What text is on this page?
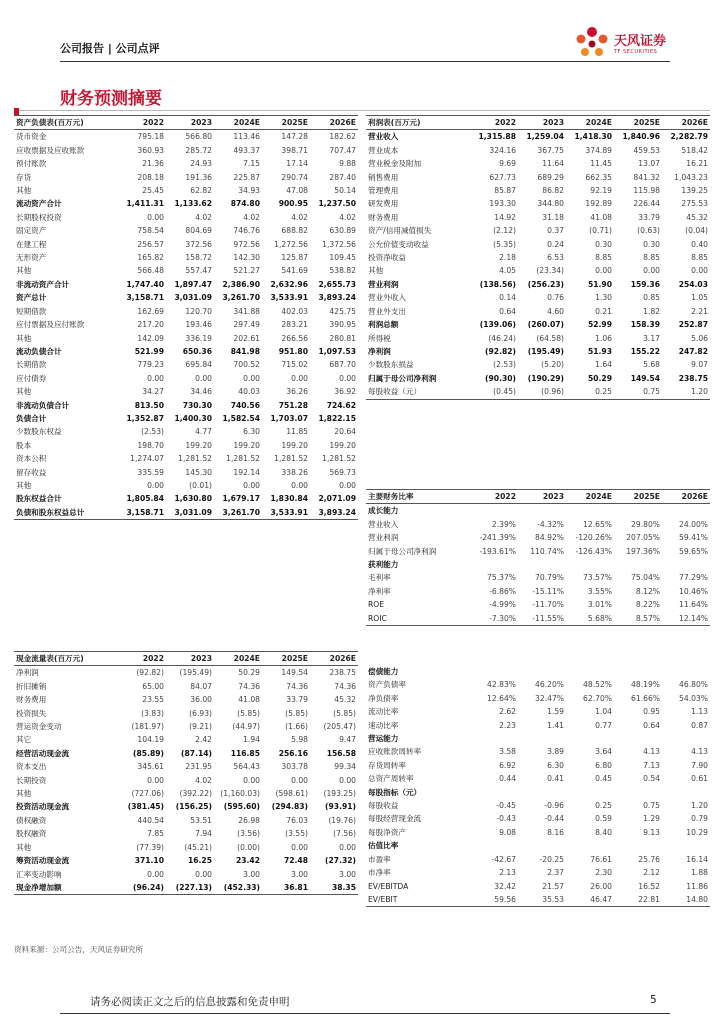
公司报告 | 公司点评	天风证券
TF SECURITIES
财务预测摘要
资产负债表(百万元)	2022	2023	2024E	2025E	2026E
货币资金	795.18	566.80	113.46	147.28	182.62
应收票据及应收账款	360.93	285.72	493.37	398.71	707.47
预付账款	21.36	24.93	7.15	17.14	9.88
存货	208.18	191.36	225.87	290.74	287.40
其他	25.45	62.82	34.93	47.08	50.14
流动资产合计	1,411.31	1,133.62	874.80	900.95	1,237.50
长期股权投资	0.00	4.02	4.02	4.02	4.02
固定资产	758.54	804.69	746.76	688.82	630.89
在建工程	256.57	372.56	972.56	1,272.56	1,372.56
无形资产	165.82	158.72	142.30	125.87	109.45
其他	566.48	557.47	521.27	541.69	538.82
非流动资产合计	1,747.40	1,897.47	2,386.90	2,632.96	2,655.73
资产总计	3,158.71	3,031.09	3,261.70	3,533.91	3,893.24
短期借款	162.69	120.70	341.88	402.03	425.75
应付票据及应付账款	217.20	193.46	297.49	283.21	390.95
其他	142.09	336.19	202.61	266.56	280.81
流动负债合计	521.99	650.36	841.98	951.80	1,097.53
长期借款	779.23	695.84	700.52	715.02	687.70
应付债券	0.00	0.00	0.00	0.00	0.00
其他	34.27	34.46	40.03	36.26	36.92
非流动负债合计	813.50	730.30	740.56	751.28	724.62
负债合计	1,352.87	1,400.30	1,582.54	1,703.07	1,822.15
少数股东权益	(2.53)	4.77	6.30	11.85	20.64
股本	198.70	199.20	199.20	199.20	199.20
资本公积	1,274.07	1,281.52	1,281.52	1,281.52	1,281.52
留存收益	335.59	145.30	192.14	338.26	569.73
其他	0.00	(0.01)	0.00	0.00	0.00
股东权益合计	1,805.84	1,630.80	1,679.17	1,830.84	2,071.09
负债和股东权益总计	3,158.71	3,031.09	3,261.70	3,533.91	3,893.24
利润表(百万元)	2022	2023	2024E	2025E	2026E
营业收入	1,315.88	1,259.04	1,418.30	1,840.96	2,282.79
营业成本	324.16	367.75	374.89	459.53	518.42
营业税金及附加	9.69	11.64	11.45	13.07	16.21
销售费用	627.73	689.29	662.35	841.32	1,043.23
管理费用	85.87	86.82	92.19	115.98	139.25
研发费用	193.30	344.80	192.89	226.44	275.53
财务费用	14.92	31.18	41.08	33.79	45.32
资产/信用减值损失	(2.12)	0.37	(0.71)	(0.63)	(0.04)
公允价值变动收益	(5.35)	0.24	0.30	0.30	0.40
投资净收益	2.18	6.53	8.85	8.85	8.85
其他	4.05	(23.34)	0.00	0.00	0.00
营业利润	(138.56)	(256.23)	51.90	159.36	254.03
营业外收入	0.14	0.76	1.30	0.85	1.05
营业外支出	0.64	4.60	0.21	1.82	2.21
利润总额	(139.06)	(260.07)	52.99	158.39	252.87
所得税	(46.24)	(64.58)	1.06	3.17	5.06
净利润	(92.82)	(195.49)	51.93	155.22	247.82
少数股东损益	(2.53)	(5.20)	1.64	5.68	9.07
归属于母公司净利润	(90.30)	(190.29)	50.29	149.54	238.75
每股收益（元）	(0.45)	(0.96)	0.25	0.75	1.20
主要财务比率	2022	2023	2024E	2025E	2026E
成长能力					
营业收入	2.39%	-4.32%	12.65%	29.80%	24.00%
营业利润	-241.39%	84.92%	-120.26%	207.05%	59.41%
归属于母公司净利润	-193.61%	110.74%	-126.43%	197.36%	59.65%
获利能力					
毛利率	75.37%	70.79%	73.57%	75.04%	77.29%
净利率	-6.86%	-15.11%	3.55%	8.12%	10.46%
ROE	-4.99%	-11.70%	3.01%	8.22%	11.64%
ROIC	-7.30%	-11.55%	5.68%	8.57%	12.14%
现金流量表(百万元)	2022	2023	2024E	2025E	2026E
净利润	(92.82)	(195.49)	50.29	149.54	238.75
折旧摊销	65.00	84.07	74.36	74.36	74.36
财务费用	23.55	36.00	41.08	33.79	45.32
投资损失	(3.83)	(6.93)	(5.85)	(5.85)	(5.85)
营运资金变动	(181.97)	(9.21)	(44.97)	(1.66)	(205.47)
其它	104.19	2.42	1.94	5.98	9.47
经营活动现金流	(85.89)	(87.14)	116.85	256.16	156.58
资本支出	345.61	231.95	564.43	303.78	99.34
长期投资	0.00	4.02	0.00	0.00	0.00
其他	(727.06)	(392.22)	(1,160.03)	(598.61)	(193.25)
投资活动现金流	(381.45)	(156.25)	(595.60)	(294.83)	(93.91)
债权融资	440.54	53.51	26.98	76.03	(19.76)
股权融资	7.85	7.94	(3.56)	(3.55)	(7.56)
其他	(77.39)	(45.21)	(0.00)	0.00	0.00
筹资活动现金流	371.10	16.25	23.42	72.48	(27.32)
汇率变动影响	0.00	0.00	3.00	3.00	3.00
现金净增加额	(96.24)	(227.13)	(452.33)	36.81	38.35
偿债能力					
资产负债率	42.83%	46.20%	48.52%	48.19%	46.80%
净负债率	12.64%	32.47%	62.70%	61.66%	54.03%
流动比率	2.62	1.59	1.04	0.95	1.13
速动比率	2.23	1.41	0.77	0.64	0.87
营运能力					
应收账款周转率	3.58	3.89	3.64	4.13	4.13
存货周转率	6.92	6.30	6.80	7.13	7.90
总资产周转率	0.44	0.41	0.45	0.54	0.61
每股指标（元）					
每股收益	-0.45	-0.96	0.25	0.75	1.20
每股经营现金流	-0.43	-0.44	0.59	1.29	0.79
每股净资产	9.08	8.16	8.40	9.13	10.29
估值比率					
市盈率	-42.67	-20.25	76.61	25.76	16.14
市净率	2.13	2.37	2.30	2.12	1.88
EV/EBITDA	32.42	21.57	26.00	16.52	11.86
EV/EBIT	59.56	35.53	46.47	22.81	14.80
资料来源：公司公告，天风证券研究所
请务必阅读正文之后的信息披露和免责申明	5
